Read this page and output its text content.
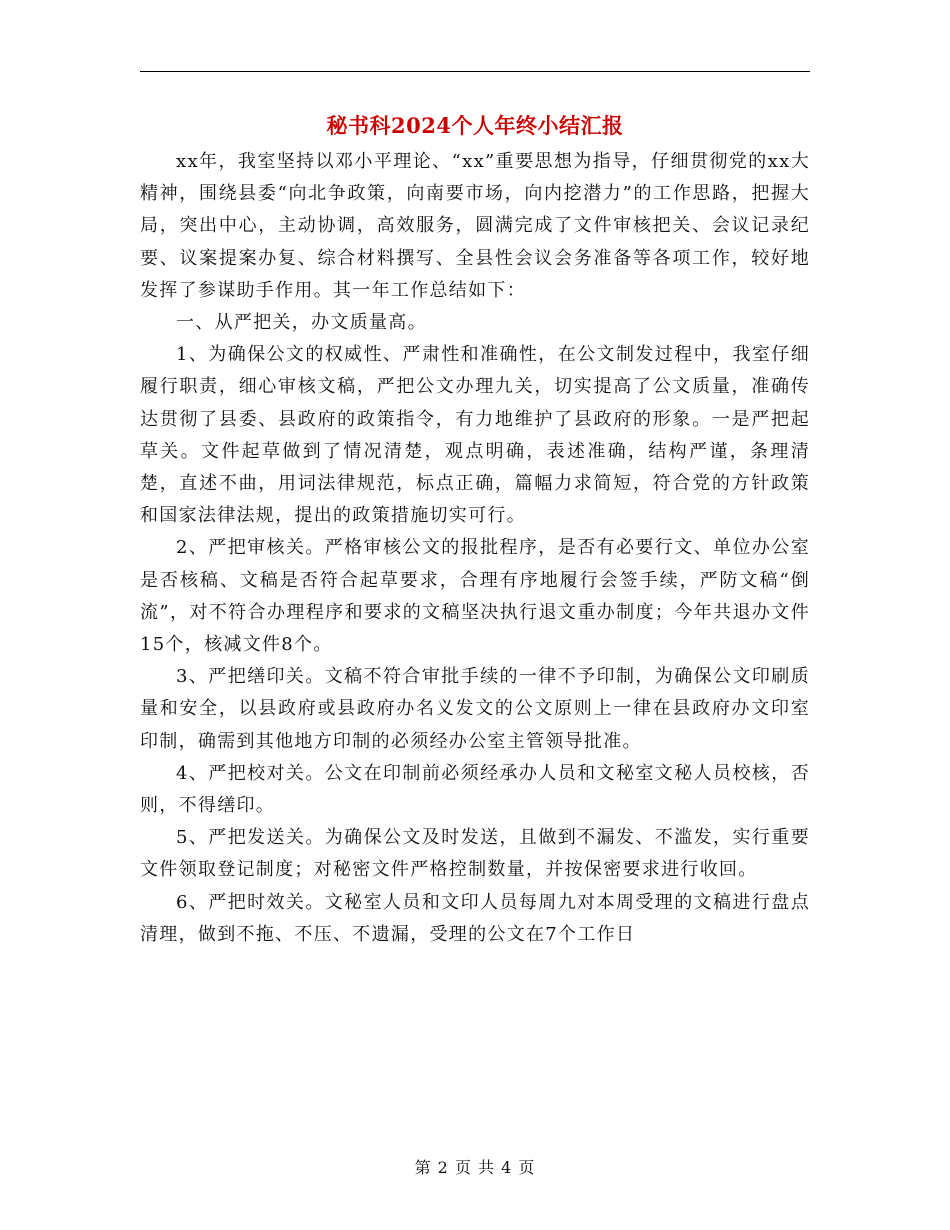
秘书科2024个人年终小结汇报

xx年，我室坚持以邓小平理论、“xx”重要思想为指导，仔细贯彻党的xx大精神，围绕县委“向北争政策，向南要市场，向内挖潜力”的工作思路，把握大局，突出中心，主动协调，高效服务，圆满完成了文件审核把关、会议记录纪要、议案提案办复、综合材料撰写、全县性会议会务准备等各项工作，较好地发挥了参谋助手作用。其一年工作总结如下：

一、从严把关，办文质量高。

1、为确保公文的权威性、严肃性和准确性，在公文制发过程中，我室仔细履行职责，细心审核文稿，严把公文办理九关，切实提高了公文质量，准确传达贯彻了县委、县政府的政策指令，有力地维护了县政府的形象。一是严把起草关。文件起草做到了情况清楚，观点明确，表述准确，结构严谨，条理清楚，直述不曲，用词法律规范，标点正确，篇幅力求简短，符合党的方针政策和国家法律法规，提出的政策措施切实可行。

2、严把审核关。严格审核公文的报批程序，是否有必要行文、单位办公室是否核稿、文稿是否符合起草要求，合理有序地履行会签手续，严防文稿“倒流”，对不符合办理程序和要求的文稿坚决执行退文重办制度；今年共退办文件15个，核减文件8个。

3、严把缮印关。文稿不符合审批手续的一律不予印制，为确保公文印刷质量和安全，以县政府或县政府办名义发文的公文原则上一律在县政府办文印室印制，确需到其他地方印制的必须经办公室主管领导批准。

4、严把校对关。公文在印制前必须经承办人员和文秘室文秘人员校核，否则，不得缮印。

5、严把发送关。为确保公文及时发送，且做到不漏发、不滥发，实行重要文件领取登记制度；对秘密文件严格控制数量，并按保密要求进行收回。

6、严把时效关。文秘室人员和文印人员每周九对本周受理的文稿进行盘点清理，做到不拖、不压、不遗漏，受理的公文在7个工作日

第 2 页 共 4 页
